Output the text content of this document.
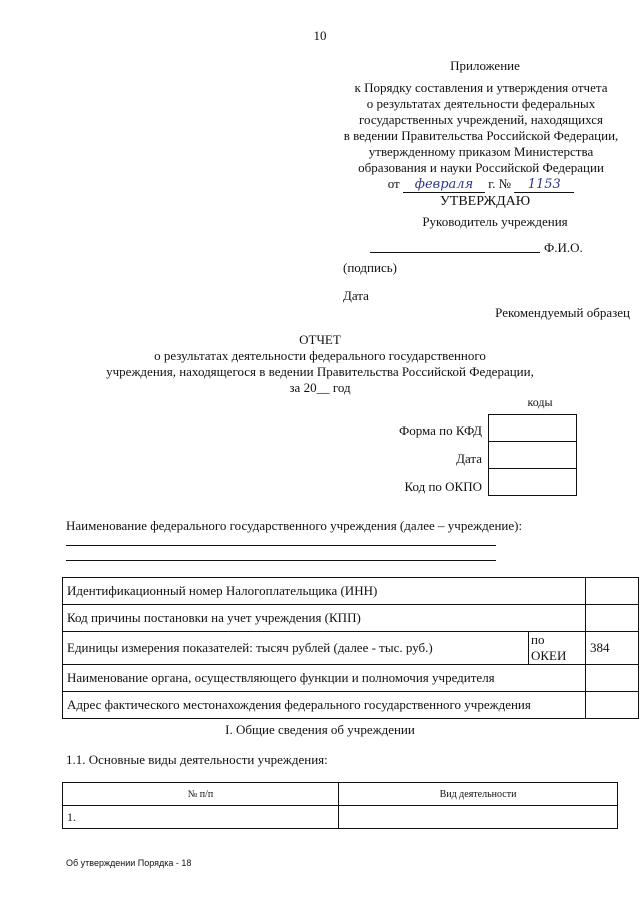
10
Приложение
к Порядку составления и утверждения отчета
о результатах деятельности федеральных
государственных учреждений, находящихся
в ведении Правительства Российской Федерации,
утвержденному приказом Министерства
образования и науки Российской Федерации
от февраля г. № 1153
УТВЕРЖДАЮ
Руководитель учреждения
Ф.И.О.
(подпись)
Дата
Рекомендуемый образец
ОТЧЕТ
о результатах деятельности федерального государственного
учреждения, находящегося в ведении Правительства Российской Федерации,
за 20__ год
коды
Форма по КФД
Дата
Код по ОКПО

Наименование федерального государственного учреждения (далее – учреждение):
Идентификационный номер Налогоплательщика (ИНН)		
Код причины постановки на учет учреждения (КПП)		
Единицы измерения показателей: тысяч рублей (далее - тыс. руб.)	по ОКЕИ	384
Наименование органа, осуществляющего функции и полномочия учредителя		
Адрес фактического местонахождения федерального государственного учреждения		
I. Общие сведения об учреждении
1.1. Основные виды деятельности учреждения:
№ п/п	Вид деятельности
1.	
Об утверждении Порядка - 18
